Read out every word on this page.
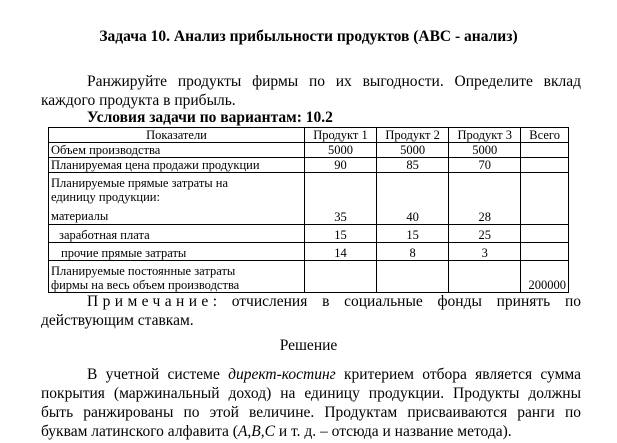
Задача 10. Анализ прибыльности продуктов (ABC - анализ)
Ранжируйте продукты фирмы по их выгодности. Определите вклад каждого продукта в прибыль.
Условия задачи по вариантам: 10.2
Показатели	Продукт 1	Продукт 2	Продукт 3	Всего
Объем производства	5000	5000	5000	
Планируемая цена продажи продукции	90	85	70	

Планируемые прямые затраты на
единицу продукции:
материалы	35	40	28	
заработная плата	15	15	25	
прочие прямые затраты	14	8	3	

Планируемые постоянные затраты
фирмы на весь объем производства				200000
Примечание: отчисления в социальные фонды принять по действующим ставкам.
Решение
В учетной системе директ-костинг критерием отбора является сумма покрытия (маржинальный доход) на единицу продукции. Продукты должны быть ранжированы по этой величине. Продуктам присваиваются ранги по буквам латинского алфавита (A,B,C и т. д. – отсюда и название метода).
